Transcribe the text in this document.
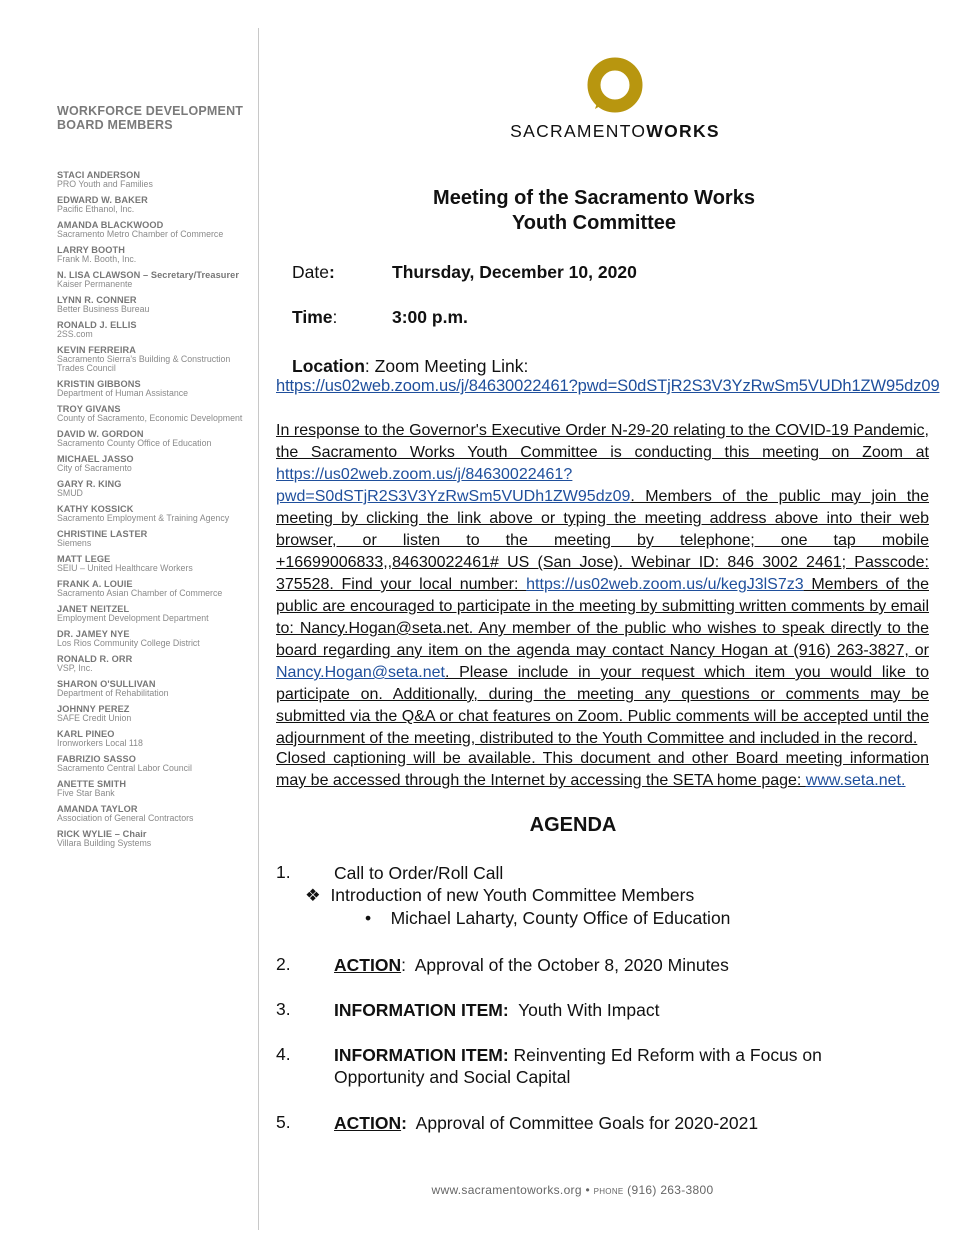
WORKFORCE DEVELOPMENT BOARD MEMBERS
STACI ANDERSON
PRO Youth and Families
EDWARD W. BAKER
Pacific Ethanol, Inc.
AMANDA BLACKWOOD
Sacramento Metro Chamber of Commerce
LARRY BOOTH
Frank M. Booth, Inc.
N. LISA CLAWSON – Secretary/Treasurer
Kaiser Permanente
LYNN R. CONNER
Better Business Bureau
RONALD J. ELLIS
2SS.com
KEVIN FERREIRA
Sacramento Sierra's Building & Construction Trades Council
KRISTIN GIBBONS
Department of Human Assistance
TROY GIVANS
County of Sacramento, Economic Development
DAVID W. GORDON
Sacramento County Office of Education
MICHAEL JASSO
City of Sacramento
GARY R. KING
SMUD
KATHY KOSSICK
Sacramento Employment & Training Agency
CHRISTINE LASTER
Siemens
MATT LEGE
SEIU – United Healthcare Workers
FRANK A. LOUIE
Sacramento Asian Chamber of Commerce
JANET NEITZEL
Employment Development Department
DR. JAMEY NYE
Los Rios Community College District
RONALD R. ORR
VSP, Inc.
SHARON O'SULLIVAN
Department of Rehabilitation
JOHNNY PEREZ
SAFE Credit Union
KARL PINEO
Ironworkers Local 118
FABRIZIO SASSO
Sacramento Central Labor Council
ANETTE SMITH
Five Star Bank
AMANDA TAYLOR
Association of General Contractors
RICK WYLIE – Chair
Villara Building Systems
SACRAMENTOWORKS
Meeting of the Sacramento Works
Youth Committee
Date:	Thursday, December 10, 2020
Time:	3:00 p.m.
Location: Zoom Meeting Link:
https://us02web.zoom.us/j/84630022461?pwd=S0dSTjR2S3V3YzRwSm5VUDh1ZW95dz09
In response to the Governor's Executive Order N-29-20 relating to the COVID-19 Pandemic, the Sacramento Works Youth Committee is conducting this meeting on Zoom at https://us02web.zoom.us/j/84630022461?pwd=S0dSTjR2S3V3YzRwSm5VUDh1ZW95dz09. Members of the public may join the meeting by clicking the link above or typing the meeting address above into their web browser, or listen to the meeting by telephone; one tap mobile +16699006833,,84630022461# US (San Jose). Webinar ID: 846 3002 2461; Passcode: 375528. Find your local number: https://us02web.zoom.us/u/kegJ3lS7z3 Members of the public are encouraged to participate in the meeting by submitting written comments by email to: Nancy.Hogan@seta.net. Any member of the public who wishes to speak directly to the board regarding any item on the agenda may contact Nancy Hogan at (916) 263-3827, or Nancy.Hogan@seta.net. Please include in your request which item you would like to participate on. Additionally, during the meeting any questions or comments may be submitted via the Q&A or chat features on Zoom. Public comments will be accepted until the adjournment of the meeting, distributed to the Youth Committee and included in the record.
Closed captioning will be available. This document and other Board meeting information may be accessed through the Internet by accessing the SETA home page: www.seta.net.
AGENDA
1. Call to Order/Roll Call
❖ Introduction of new Youth Committee Members
• Michael Laharty, County Office of Education
2. ACTION:  Approval of the October 8, 2020 Minutes
3. INFORMATION ITEM: Youth With Impact
4. INFORMATION ITEM: Reinventing Ed Reform with a Focus on Opportunity and Social Capital
5. ACTION: Approval of Committee Goals for 2020-2021
www.sacramentoworks.org • PHONE (916) 263-3800
